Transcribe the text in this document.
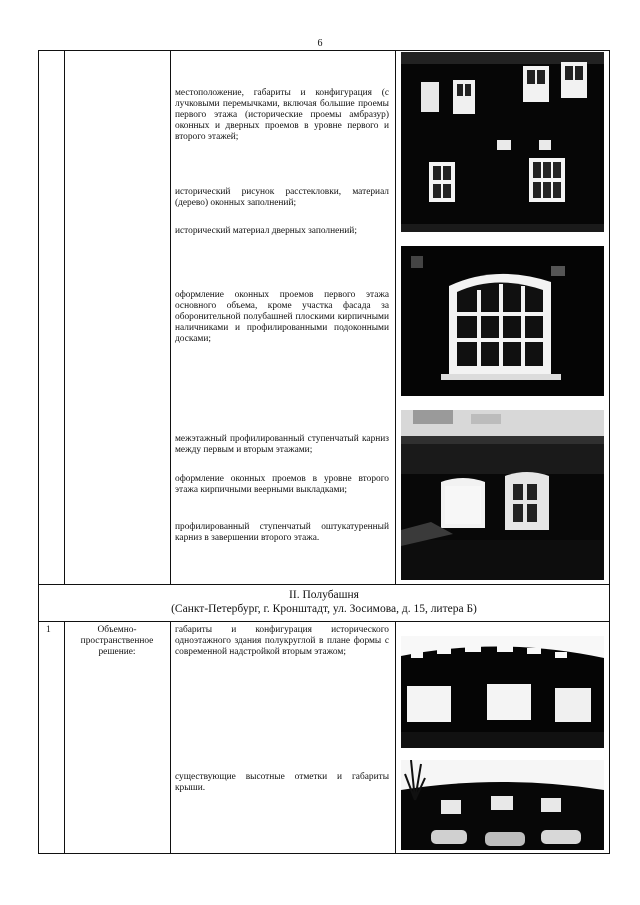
6
местоположение, габариты и конфигурация (с лучковыми перемычками, включая большие проемы первого этажа (исторические проемы амбразур) оконных и дверных проемов в уровне первого и второго этажей;
исторический рисунок расстекловки, материал (дерево) оконных заполнений;
исторический материал дверных заполнений;
оформление оконных проемов первого этажа основного объема, кроме участка фасада за оборонительной полубашней плоскими кирпичными наличниками и профилированными подоконными досками;
межэтажный профилированный ступенчатый карниз между первым и вторым этажами;
оформление оконных проемов в уровне второго этажа кирпичными веерными выкладками;
профилированный ступенчатый оштукатуренный карниз в завершении второго этажа.
II. Полубашня
(Санкт-Петербург, г. Кронштадт, ул. Зосимова, д. 15, литера Б)
1	Объемно-пространственное решение:
габариты и конфигурация исторического одноэтажного здания полукруглой в плане формы с современной надстройкой вторым этажом;
существующие высотные отметки и габариты крыши.
